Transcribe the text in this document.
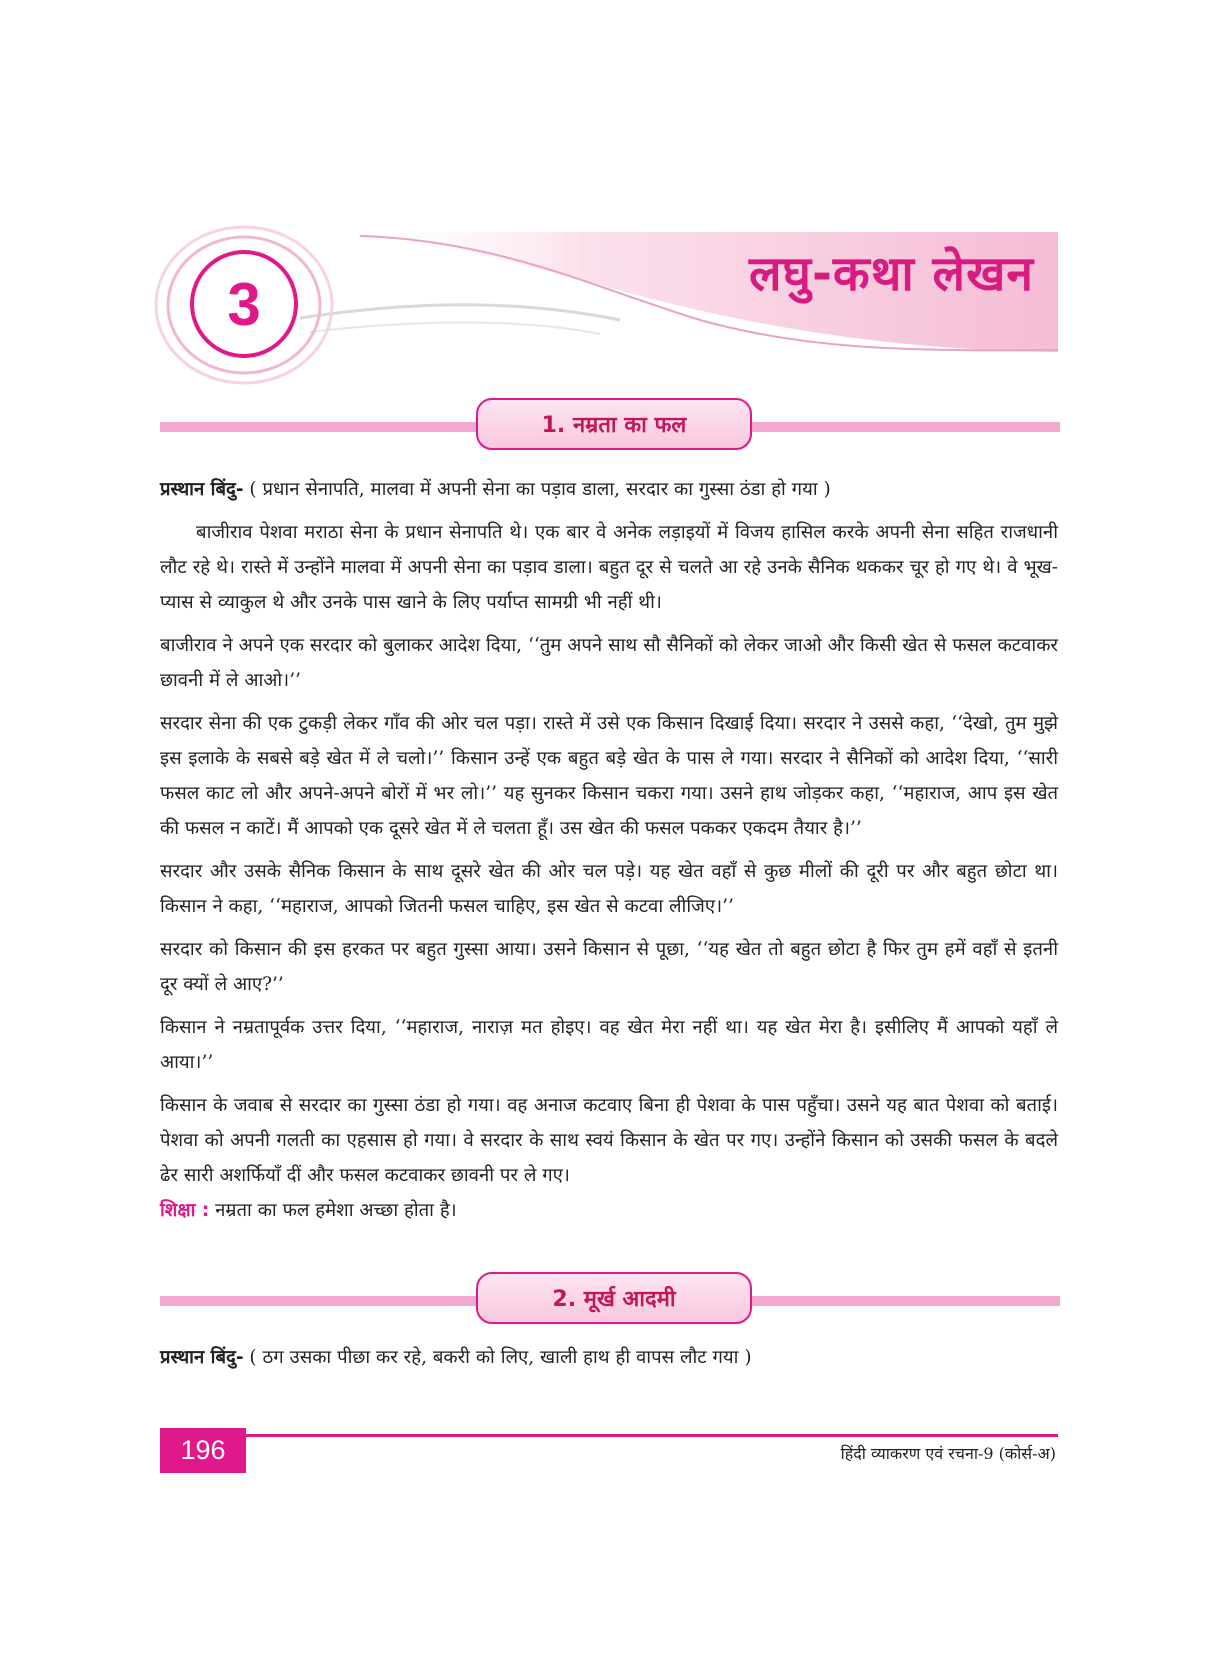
3	लघु-कथा लेखन
1. नम्रता का फल

प्रस्थान बिंदु- ( प्रधान सेनापति, मालवा में अपनी सेना का पड़ाव डाला, सरदार का गुस्सा ठंडा हो गया )

बाजीराव पेशवा मराठा सेना के प्रधान सेनापति थे। एक बार वे अनेक लड़ाइयों में विजय हासिल करके अपनी सेना सहित राजधानी लौट रहे थे। रास्ते में उन्होंने मालवा में अपनी सेना का पड़ाव डाला। बहुत दूर से चलते आ रहे उनके सैनिक थककर चूर हो गए थे। वे भूख-प्यास से व्याकुल थे और उनके पास खाने के लिए पर्याप्त सामग्री भी नहीं थी।

बाजीराव ने अपने एक सरदार को बुलाकर आदेश दिया, ‘‘तुम अपने साथ सौ सैनिकों को लेकर जाओ और किसी खेत से फसल कटवाकर छावनी में ले आओ।’’

सरदार सेना की एक टुकड़ी लेकर गाँव की ओर चल पड़ा। रास्ते में उसे एक किसान दिखाई दिया। सरदार ने उससे कहा, ‘‘देखो, तुम मुझे इस इलाके के सबसे बड़े खेत में ले चलो।’’ किसान उन्हें एक बहुत बड़े खेत के पास ले गया। सरदार ने सैनिकों को आदेश दिया, ‘‘सारी फसल काट लो और अपने-अपने बोरों में भर लो।’’ यह सुनकर किसान चकरा गया। उसने हाथ जोड़कर कहा, ‘‘महाराज, आप इस खेत की फसल न काटें। मैं आपको एक दूसरे खेत में ले चलता हूँ। उस खेत की फसल पककर एकदम तैयार है।’’

सरदार और उसके सैनिक किसान के साथ दूसरे खेत की ओर चल पड़े। यह खेत वहाँ से कुछ मीलों की दूरी पर और बहुत छोटा था। किसान ने कहा, ‘‘महाराज, आपको जितनी फसल चाहिए, इस खेत से कटवा लीजिए।’’

सरदार को किसान की इस हरकत पर बहुत गुस्सा आया। उसने किसान से पूछा, ‘‘यह खेत तो बहुत छोटा है फिर तुम हमें वहाँ से इतनी दूर क्यों ले आए?’’

किसान ने नम्रतापूर्वक उत्तर दिया, ‘‘महाराज, नाराज़ मत होइए। वह खेत मेरा नहीं था। यह खेत मेरा है। इसीलिए मैं आपको यहाँ ले आया।’’

किसान के जवाब से सरदार का गुस्सा ठंडा हो गया। वह अनाज कटवाए बिना ही पेशवा के पास पहुँचा। उसने यह बात पेशवा को बताई। पेशवा को अपनी गलती का एहसास हो गया। वे सरदार के साथ स्वयं किसान के खेत पर गए। उन्होंने किसान को उसकी फसल के बदले ढेर सारी अशर्फियाँ दीं और फसल कटवाकर छावनी पर ले गए।

शिक्षा : नम्रता का फल हमेशा अच्छा होता है।

2. मूर्ख आदमी

प्रस्थान बिंदु- ( ठग उसका पीछा कर रहे, बकरी को लिए, खाली हाथ ही वापस लौट गया )

196	हिंदी व्याकरण एवं रचना-9 (कोर्स-अ)
